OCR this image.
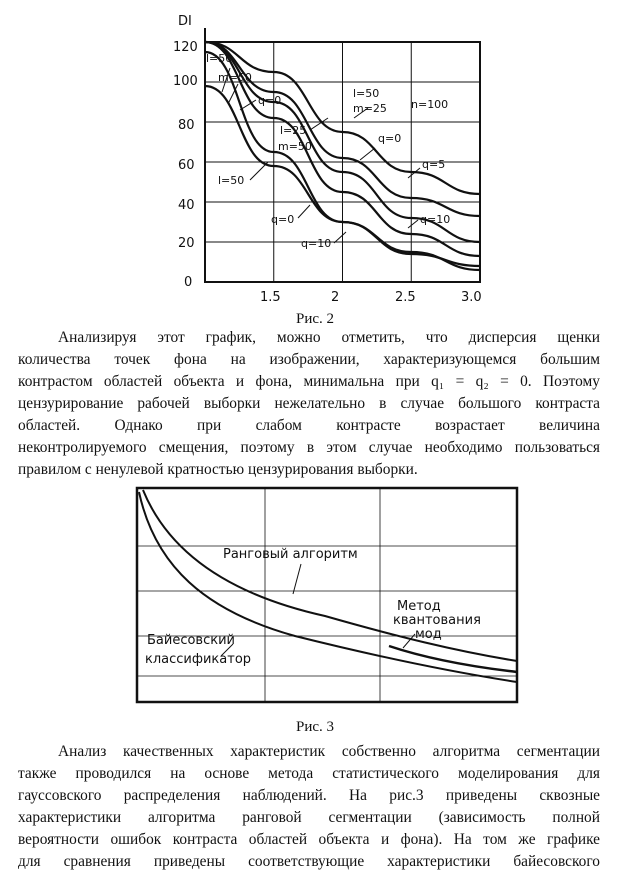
DI
120
100
80
60
40
20
0
1.5	2	2.5	3.0
l=50
m=50
q=0
l=50
m=25 n=100
l=25
m=50
q=0
q=5
l=50
q=10
q=0
q=10
Рис. 2
Анализируя этот график, можно отметить, что дисперсия щенки
количества точек фона на изображении, характеризующемся большим
контрастом областей объекта и фона, минимальна при q₁ = q₂ = 0. Поэтому
цензурирование рабочей выборки нежелательно в случае большого контраста
областей. Однако при слабом контрасте возрастает величина
неконтролируемого смещения, поэтому в этом случае необходимо пользоваться
правилом с ненулевой кратностью цензурирования выборки.
Ранговый алгоритм
Метод
квантования
мод
Байесовский
классификатор
Рис. 3
Анализ качественных характеристик собственно алгоритма сегментации
также проводился на основе метода статистического моделирования для
гауссовского распределения наблюдений. На рис.3 приведены сквозные
характеристики алгоритма ранговой сегментации (зависимость полной
вероятности ошибок контраста областей объекта и фона). На том же графике
для сравнения приведены соответствующие характеристики байесовского
